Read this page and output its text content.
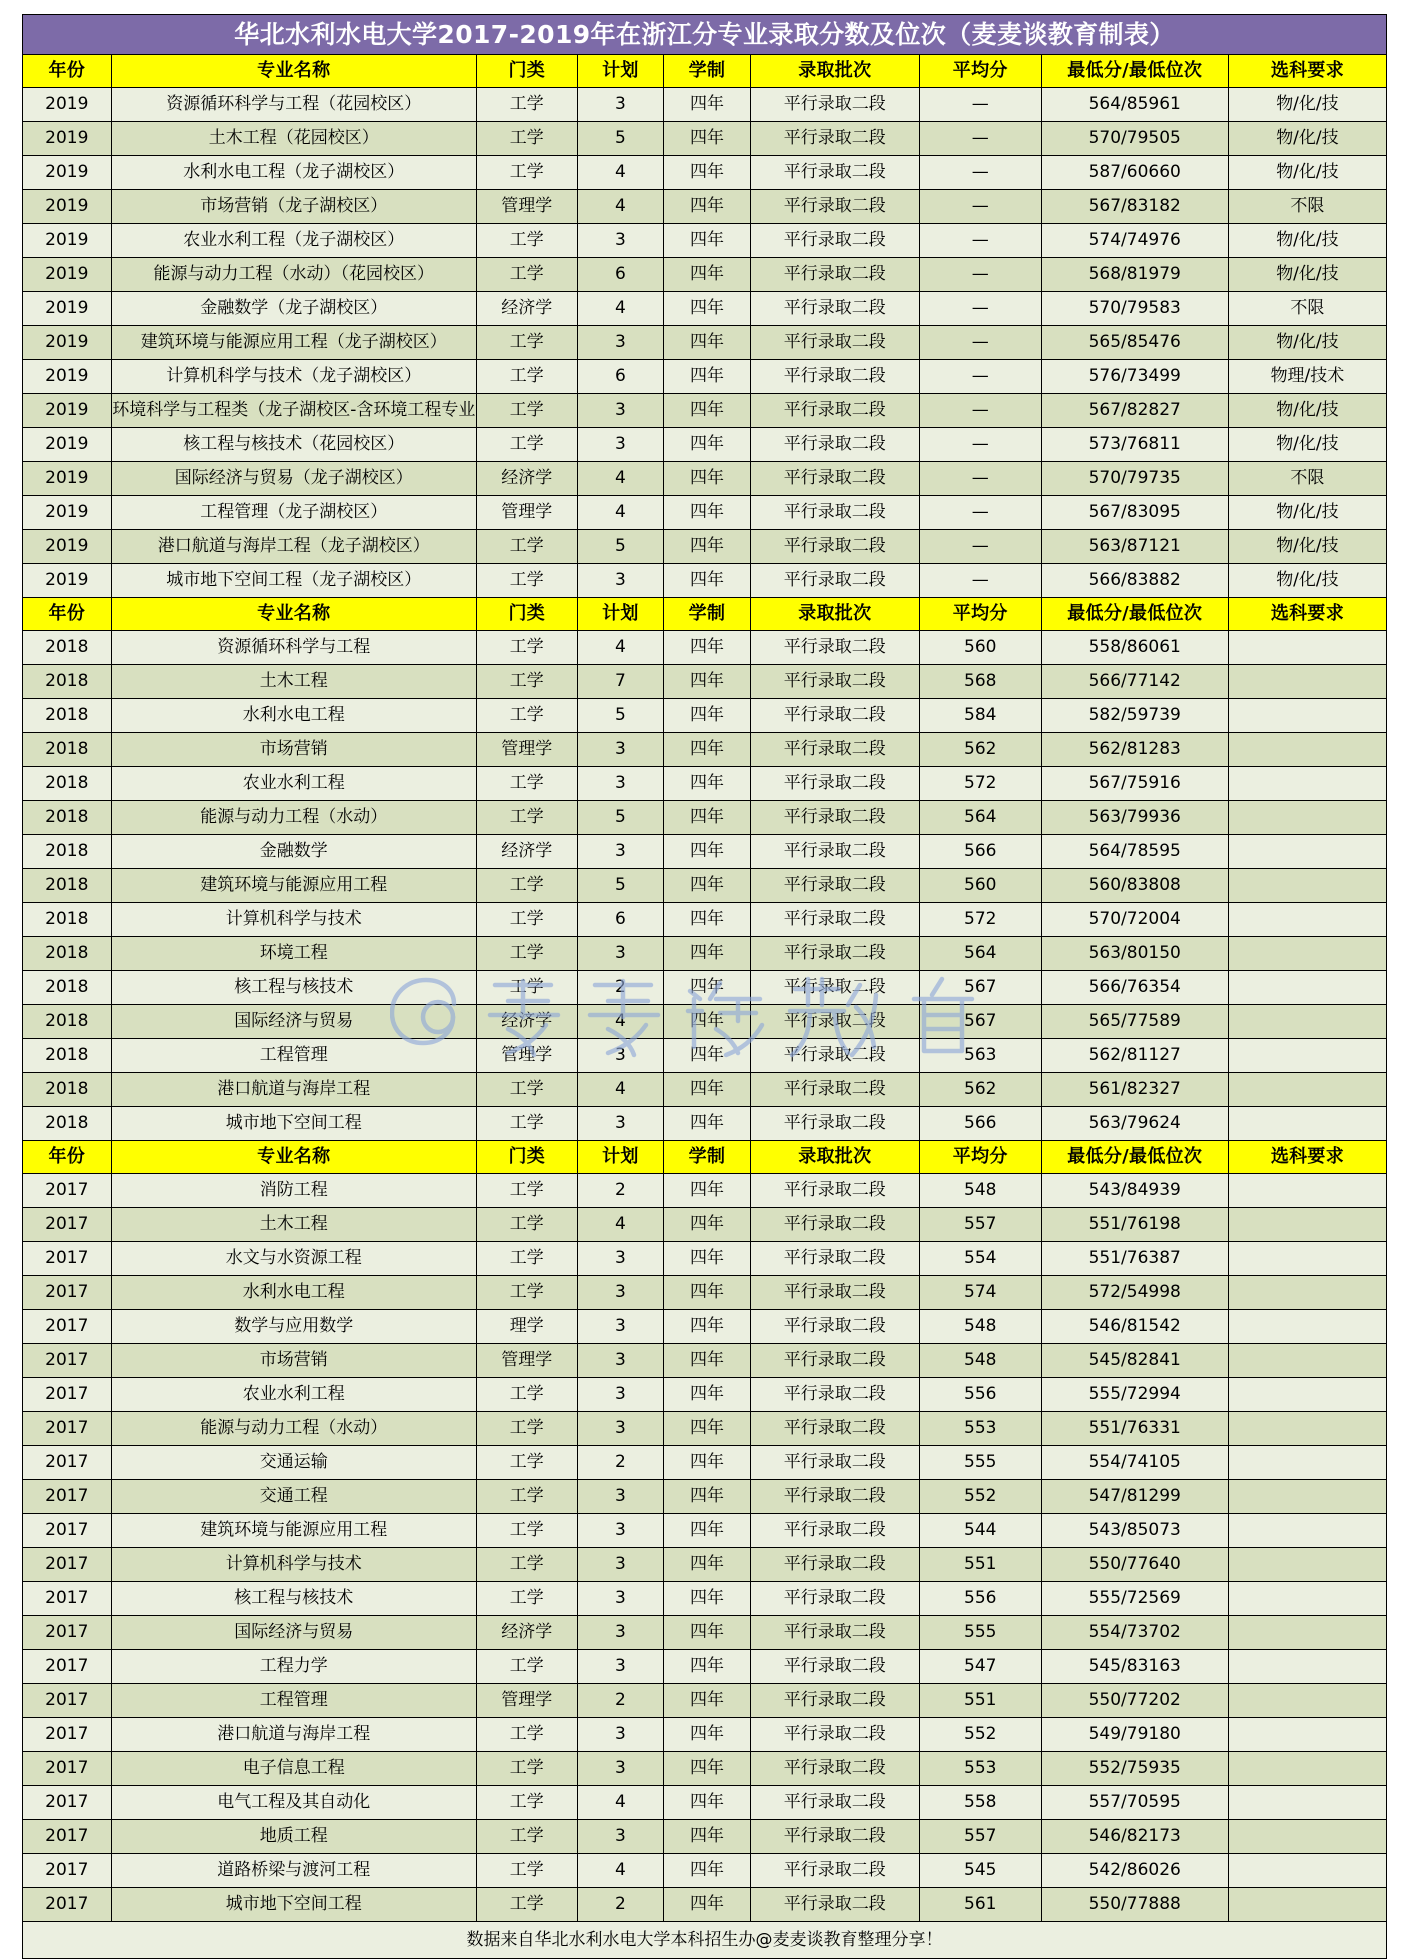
华北水利水电大学2017-2019年在浙江分专业录取分数及位次（麦麦谈教育制表）								
年份	专业名称	门类	计划	学制	录取批次	平均分	最低分/最低位次	选科要求
2019	资源循环科学与工程（花园校区）	工学	3	四年	平行录取二段	—	564/85961	物/化/技
2019	土木工程（花园校区）	工学	5	四年	平行录取二段	—	570/79505	物/化/技
2019	水利水电工程（龙子湖校区）	工学	4	四年	平行录取二段	—	587/60660	物/化/技
2019	市场营销（龙子湖校区）	管理学	4	四年	平行录取二段	—	567/83182	不限
2019	农业水利工程（龙子湖校区）	工学	3	四年	平行录取二段	—	574/74976	物/化/技
2019	能源与动力工程（水动）（花园校区）	工学	6	四年	平行录取二段	—	568/81979	物/化/技
2019	金融数学（龙子湖校区）	经济学	4	四年	平行录取二段	—	570/79583	不限
2019	建筑环境与能源应用工程（龙子湖校区）	工学	3	四年	平行录取二段	—	565/85476	物/化/技
2019	计算机科学与技术（龙子湖校区）	工学	6	四年	平行录取二段	—	576/73499	物理/技术
2019	环境科学与工程类（龙子湖校区-含环境工程专业	工学	3	四年	平行录取二段	—	567/82827	物/化/技
2019	核工程与核技术（花园校区）	工学	3	四年	平行录取二段	—	573/76811	物/化/技
2019	国际经济与贸易（龙子湖校区）	经济学	4	四年	平行录取二段	—	570/79735	不限
2019	工程管理（龙子湖校区）	管理学	4	四年	平行录取二段	—	567/83095	物/化/技
2019	港口航道与海岸工程（龙子湖校区）	工学	5	四年	平行录取二段	—	563/87121	物/化/技
2019	城市地下空间工程（龙子湖校区）	工学	3	四年	平行录取二段	—	566/83882	物/化/技
年份	专业名称	门类	计划	学制	录取批次	平均分	最低分/最低位次	选科要求
2018	资源循环科学与工程	工学	4	四年	平行录取二段	560	558/86061	
2018	土木工程	工学	7	四年	平行录取二段	568	566/77142	
2018	水利水电工程	工学	5	四年	平行录取二段	584	582/59739	
2018	市场营销	管理学	3	四年	平行录取二段	562	562/81283	
2018	农业水利工程	工学	3	四年	平行录取二段	572	567/75916	
2018	能源与动力工程（水动）	工学	5	四年	平行录取二段	564	563/79936	
2018	金融数学	经济学	3	四年	平行录取二段	566	564/78595	
2018	建筑环境与能源应用工程	工学	5	四年	平行录取二段	560	560/83808	
2018	计算机科学与技术	工学	6	四年	平行录取二段	572	570/72004	
2018	环境工程	工学	3	四年	平行录取二段	564	563/80150	
2018	核工程与核技术	工学	2	四年	平行录取二段	567	566/76354	
2018	国际经济与贸易	经济学	4	四年	平行录取二段	567	565/77589	
2018	工程管理	管理学	3	四年	平行录取二段	563	562/81127	
2018	港口航道与海岸工程	工学	4	四年	平行录取二段	562	561/82327	
2018	城市地下空间工程	工学	3	四年	平行录取二段	566	563/79624	
年份	专业名称	门类	计划	学制	录取批次	平均分	最低分/最低位次	选科要求
2017	消防工程	工学	2	四年	平行录取二段	548	543/84939	
2017	土木工程	工学	4	四年	平行录取二段	557	551/76198	
2017	水文与水资源工程	工学	3	四年	平行录取二段	554	551/76387	
2017	水利水电工程	工学	3	四年	平行录取二段	574	572/54998	
2017	数学与应用数学	理学	3	四年	平行录取二段	548	546/81542	
2017	市场营销	管理学	3	四年	平行录取二段	548	545/82841	
2017	农业水利工程	工学	3	四年	平行录取二段	556	555/72994	
2017	能源与动力工程（水动）	工学	3	四年	平行录取二段	553	551/76331	
2017	交通运输	工学	2	四年	平行录取二段	555	554/74105	
2017	交通工程	工学	3	四年	平行录取二段	552	547/81299	
2017	建筑环境与能源应用工程	工学	3	四年	平行录取二段	544	543/85073	
2017	计算机科学与技术	工学	3	四年	平行录取二段	551	550/77640	
2017	核工程与核技术	工学	3	四年	平行录取二段	556	555/72569	
2017	国际经济与贸易	经济学	3	四年	平行录取二段	555	554/73702	
2017	工程力学	工学	3	四年	平行录取二段	547	545/83163	
2017	工程管理	管理学	2	四年	平行录取二段	551	550/77202	
2017	港口航道与海岸工程	工学	3	四年	平行录取二段	552	549/79180	
2017	电子信息工程	工学	3	四年	平行录取二段	553	552/75935	
2017	电气工程及其自动化	工学	4	四年	平行录取二段	558	557/70595	
2017	地质工程	工学	3	四年	平行录取二段	557	546/82173	
2017	道路桥梁与渡河工程	工学	4	四年	平行录取二段	545	542/86026	
2017	城市地下空间工程	工学	2	四年	平行录取二段	561	550/77888	
数据来自华北水利水电大学本科招生办@麦麦谈教育整理分享！								
